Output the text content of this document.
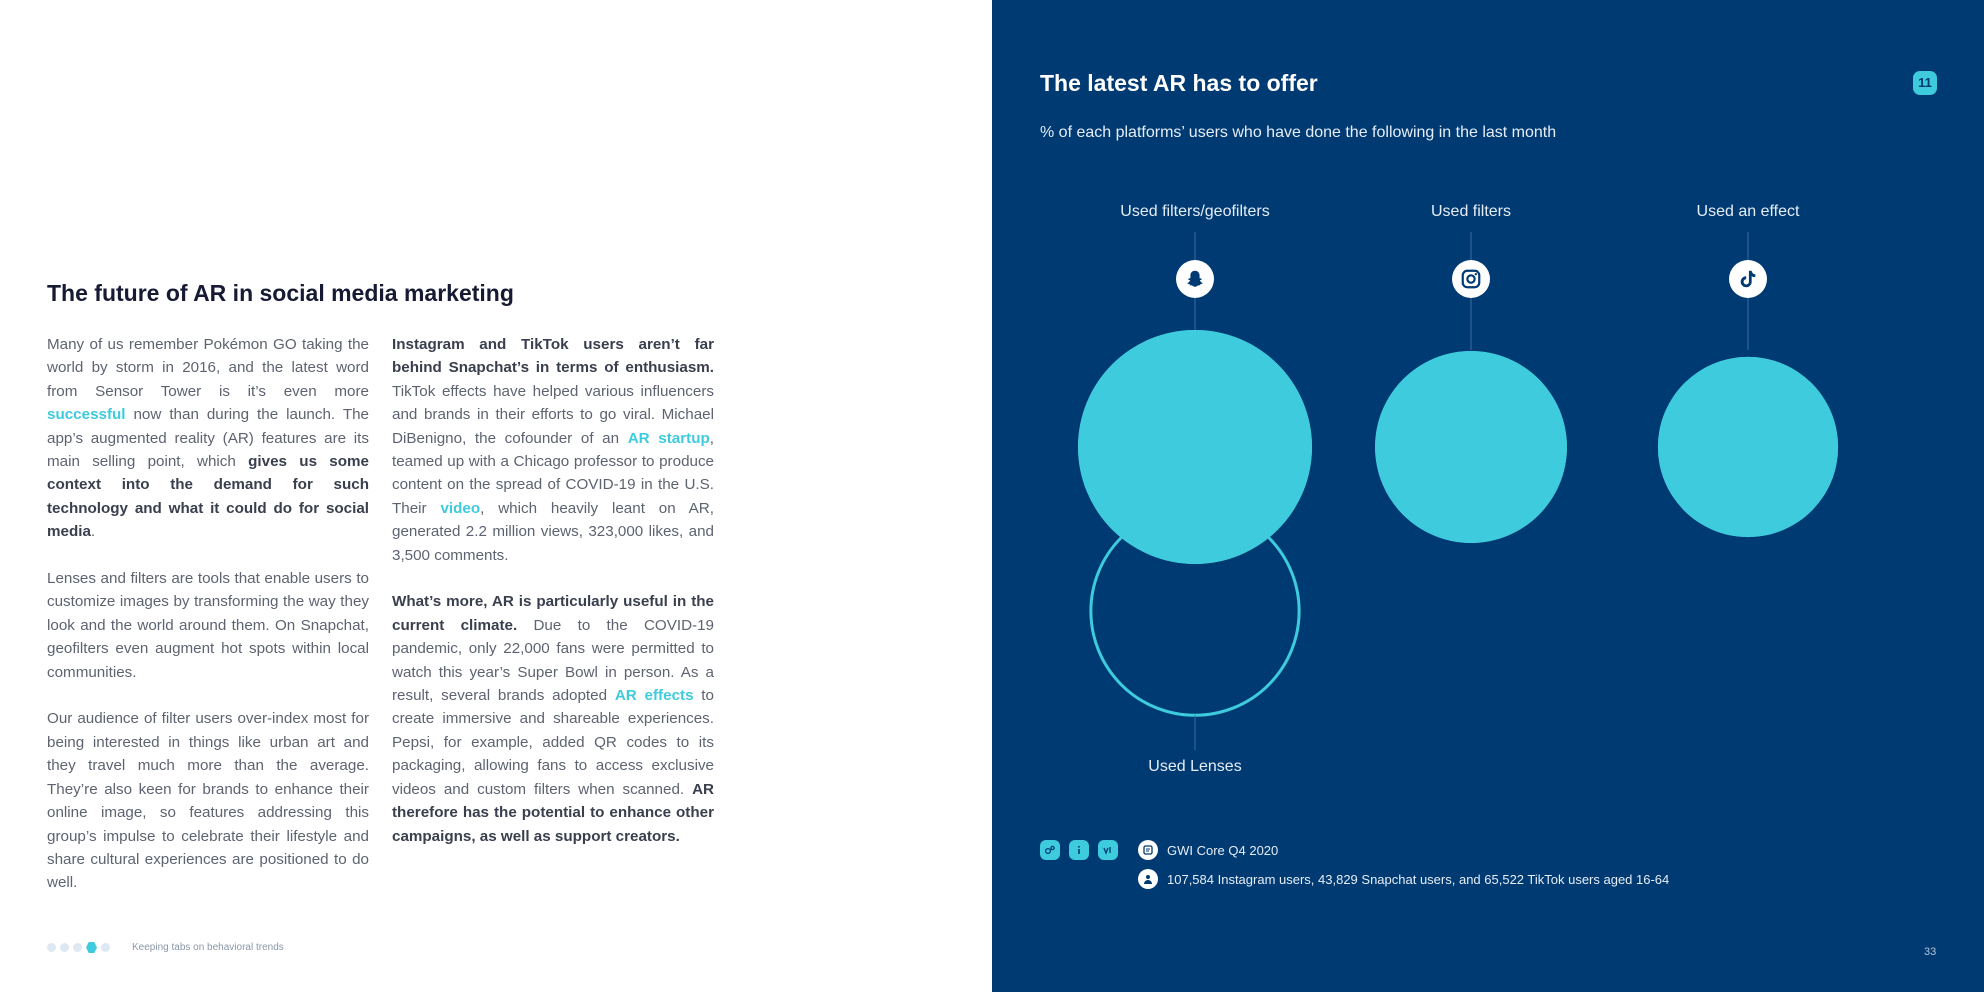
The future of AR in social media marketing

Many of us remember Pokémon GO taking the world by storm in 2016, and the latest word from Sensor Tower is it’s even more successful now than during the launch. The app’s augmented reality (AR) features are its main selling point, which gives us some context into the demand for such technology and what it could do for social media.

Lenses and filters are tools that enable users to customize images by transforming the way they look and the world around them. On Snapchat, geofilters even augment hot spots within local communities.

Our audience of filter users over-index most for being interested in things like urban art and they travel much more than the average. They’re also keen for brands to enhance their online image, so features addressing this group’s impulse to celebrate their lifestyle and share cultural experiences are positioned to do well.

Instagram and TikTok users aren’t far behind Snapchat’s in terms of enthusiasm. TikTok effects have helped various influencers and brands in their efforts to go viral. Michael DiBenigno, the cofounder of an AR startup, teamed up with a Chicago professor to produce content on the spread of COVID-19 in the U.S. Their video, which heavily leant on AR, generated 2.2 million views, 323,000 likes, and 3,500 comments.

What’s more, AR is particularly useful in the current climate. Due to the COVID-19 pandemic, only 22,000 fans were permitted to watch this year’s Super Bowl in person. As a result, several brands adopted AR effects to create immersive and shareable experiences. Pepsi, for example, added QR codes to its packaging, allowing fans to access exclusive videos and custom filters when scanned. AR therefore has the potential to enhance other campaigns, as well as support creators.

Keeping tabs on behavioral trends
The latest AR has to offer
% of each platforms’ users who have done the following in the last month
11
Used filters/geofilters	Used filters	Used an effect
Used Lenses
GWI Core Q4 2020
107,584 Instagram users, 43,829 Snapchat users, and 65,522 TikTok users aged 16-64
33
